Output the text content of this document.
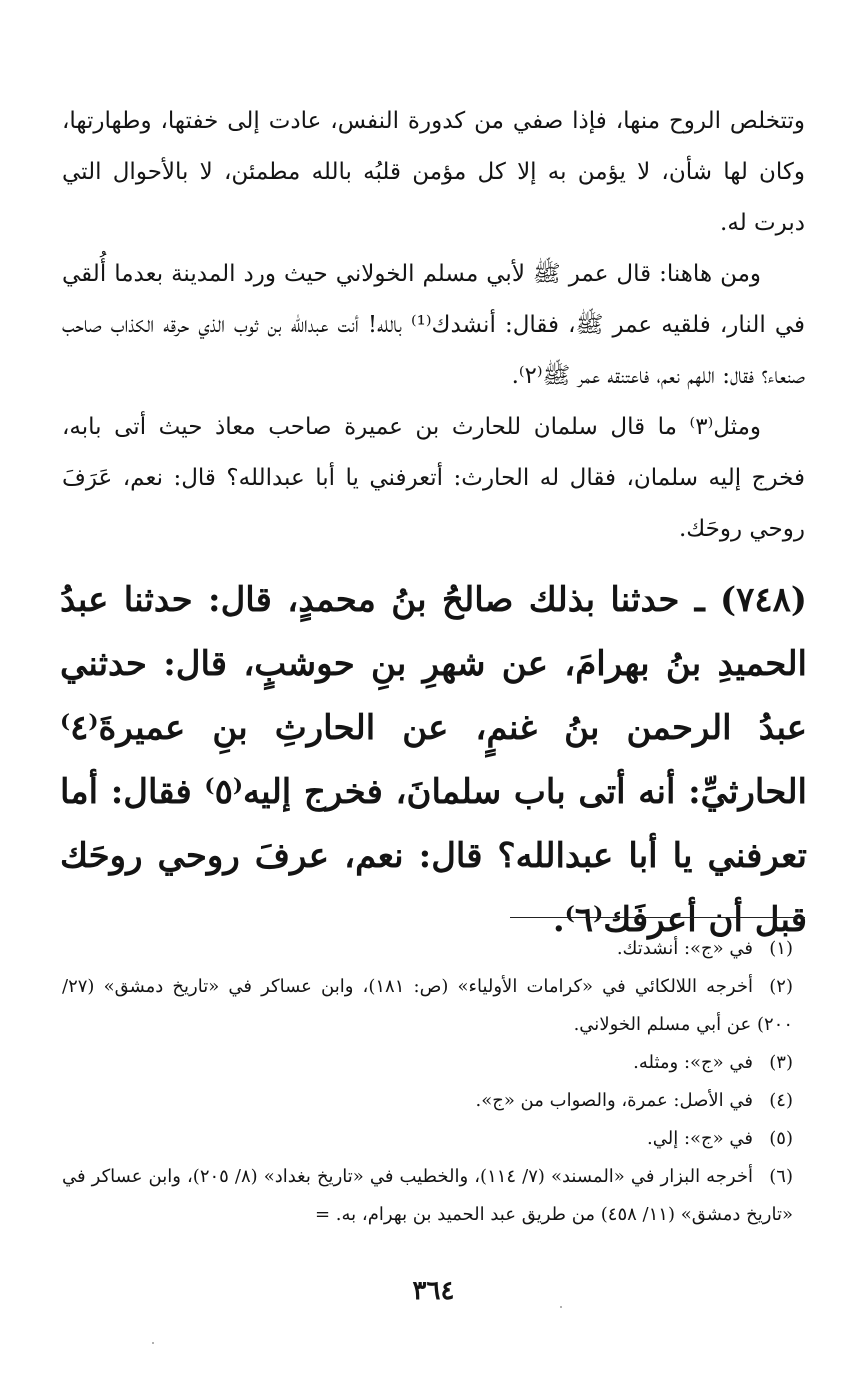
وتتخلص الروح منها، فإذا صفي من كدورة النفس، عادت إلى خفتها، وطهارتها، وكان لها شأن، لا يؤمن به إلا كل مؤمن قلبُه بالله مطمئن، لا بالأحوال التي دبرت له.

ومن هاهنا: قال عمر ﷺ لأبي مسلم الخولاني حيث ورد المدينة بعدما أُلقي في النار، فلقيه عمر ﷺ، فقال: أنشدك⁽¹⁾ بالله! أنت عبدالله بن ثوب الذي حرقه الكذاب صاحب صنعاء؟ فقال: اللهم نعم، فاعتنقه عمر ﷺ⁽٢⁾.

ومثل⁽٣⁾ ما قال سلمان للحارث بن عميرة صاحب معاذ حيث أتى بابه، فخرج إليه سلمان، فقال له الحارث: أتعرفني يا أبا عبدالله؟ قال: نعم، عَرَفَ روحي روحَك.

(٧٤٨) ـ حدثنا بذلك صالحُ بنُ محمدٍ، قال: حدثنا عبدُ الحميدِ بنُ بهرامَ، عن شهرِ بنِ حوشبٍ، قال: حدثني عبدُ الرحمن بنُ غنمٍ، عن الحارثِ بنِ عميرةَ⁽٤⁾ الحارثيِّ: أنه أتى باب سلمانَ، فخرج إليه⁽٥⁾ فقال: أما تعرفني يا أبا عبدالله؟ قال: نعم، عرفَ روحي روحَك قبل أن أعرفَك⁽٦⁾.

(١)في «ج»: أنشدتك.
(٢)أخرجه اللالكائي في «كرامات الأولياء» (ص: ١٨١)، وابن عساكر في «تاريخ دمشق» (٢٧/ ٢٠٠) عن أبي مسلم الخولاني.
(٣)في «ج»: ومثله.
(٤)في الأصل: عمرة، والصواب من «ج».
(٥)في «ج»: إلي.
(٦)أخرجه البزار في «المسند» (٧/ ١١٤)، والخطيب في «تاريخ بغداد» (٨/ ٢٠٥)، وابن عساكر في «تاريخ دمشق» (١١/ ٤٥٨) من طريق عبد الحميد بن بهرام، به. =
٣٦٤
